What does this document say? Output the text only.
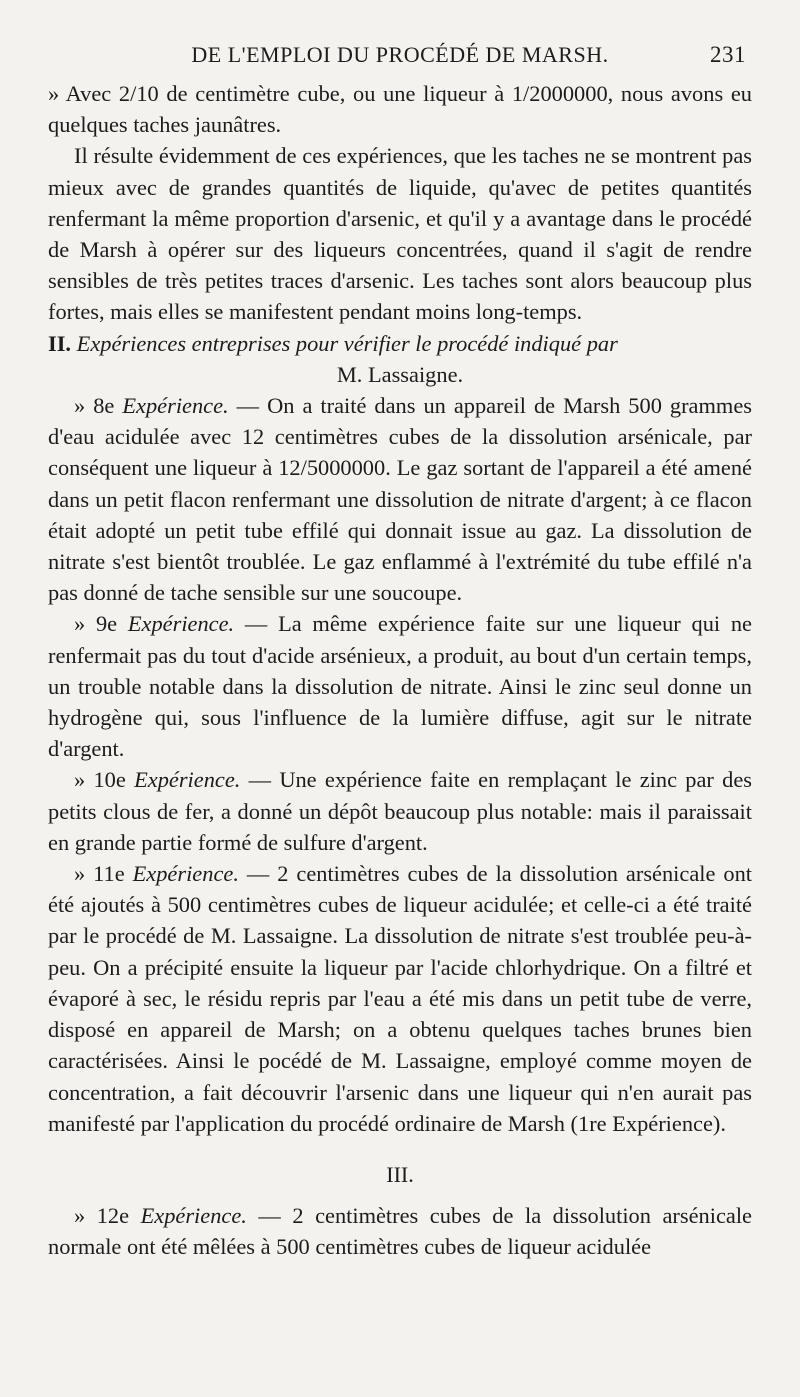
DE L'EMPLOI DU PROCÉDÉ DE MARSH.	231

» Avec 2/10 de centimètre cube, ou une liqueur à 1/2000000, nous avons eu quelques taches jaunâtres.

Il résulte évidemment de ces expériences, que les taches ne se montrent pas mieux avec de grandes quantités de liquide, qu'avec de petites quantités renfermant la même proportion d'arsenic, et qu'il y a avantage dans le procédé de Marsh à opérer sur des liqueurs concentrées, quand il s'agit de rendre sensibles de très petites traces d'arsenic. Les taches sont alors beaucoup plus fortes, mais elles se manifestent pendant moins long-temps.

II. Expériences entreprises pour vérifier le procédé indiqué par
M. Lassaigne.

» 8e Expérience. — On a traité dans un appareil de Marsh 500 grammes d'eau acidulée avec 12 centimètres cubes de la dissolution arsénicale, par conséquent une liqueur à 12/5000000. Le gaz sortant de l'appareil a été amené dans un petit flacon renfermant une dissolution de nitrate d'argent; à ce flacon était adopté un petit tube effilé qui donnait issue au gaz. La dissolution de nitrate s'est bientôt troublée. Le gaz enflammé à l'extrémité du tube effilé n'a pas donné de tache sensible sur une soucoupe.

» 9e Expérience. — La même expérience faite sur une liqueur qui ne renfermait pas du tout d'acide arsénieux, a produit, au bout d'un certain temps, un trouble notable dans la dissolution de nitrate. Ainsi le zinc seul donne un hydrogène qui, sous l'influence de la lumière diffuse, agit sur le nitrate d'argent.

» 10e Expérience. — Une expérience faite en remplaçant le zinc par des petits clous de fer, a donné un dépôt beaucoup plus notable: mais il paraissait en grande partie formé de sulfure d'argent.

» 11e Expérience. — 2 centimètres cubes de la dissolution arsénicale ont été ajoutés à 500 centimètres cubes de liqueur acidulée; et celle-ci a été traité par le procédé de M. Lassaigne. La dissolution de nitrate s'est troublée peu-à-peu. On a précipité ensuite la liqueur par l'acide chlorhydrique. On a filtré et évaporé à sec, le résidu repris par l'eau a été mis dans un petit tube de verre, disposé en appareil de Marsh; on a obtenu quelques taches brunes bien caractérisées. Ainsi le pocédé de M. Lassaigne, employé comme moyen de concentration, a fait découvrir l'arsenic dans une liqueur qui n'en aurait pas manifesté par l'application du procédé ordinaire de Marsh (1re Expérience).

III.

» 12e Expérience. — 2 centimètres cubes de la dissolution arsénicale normale ont été mêlées à 500 centimètres cubes de liqueur acidulée
